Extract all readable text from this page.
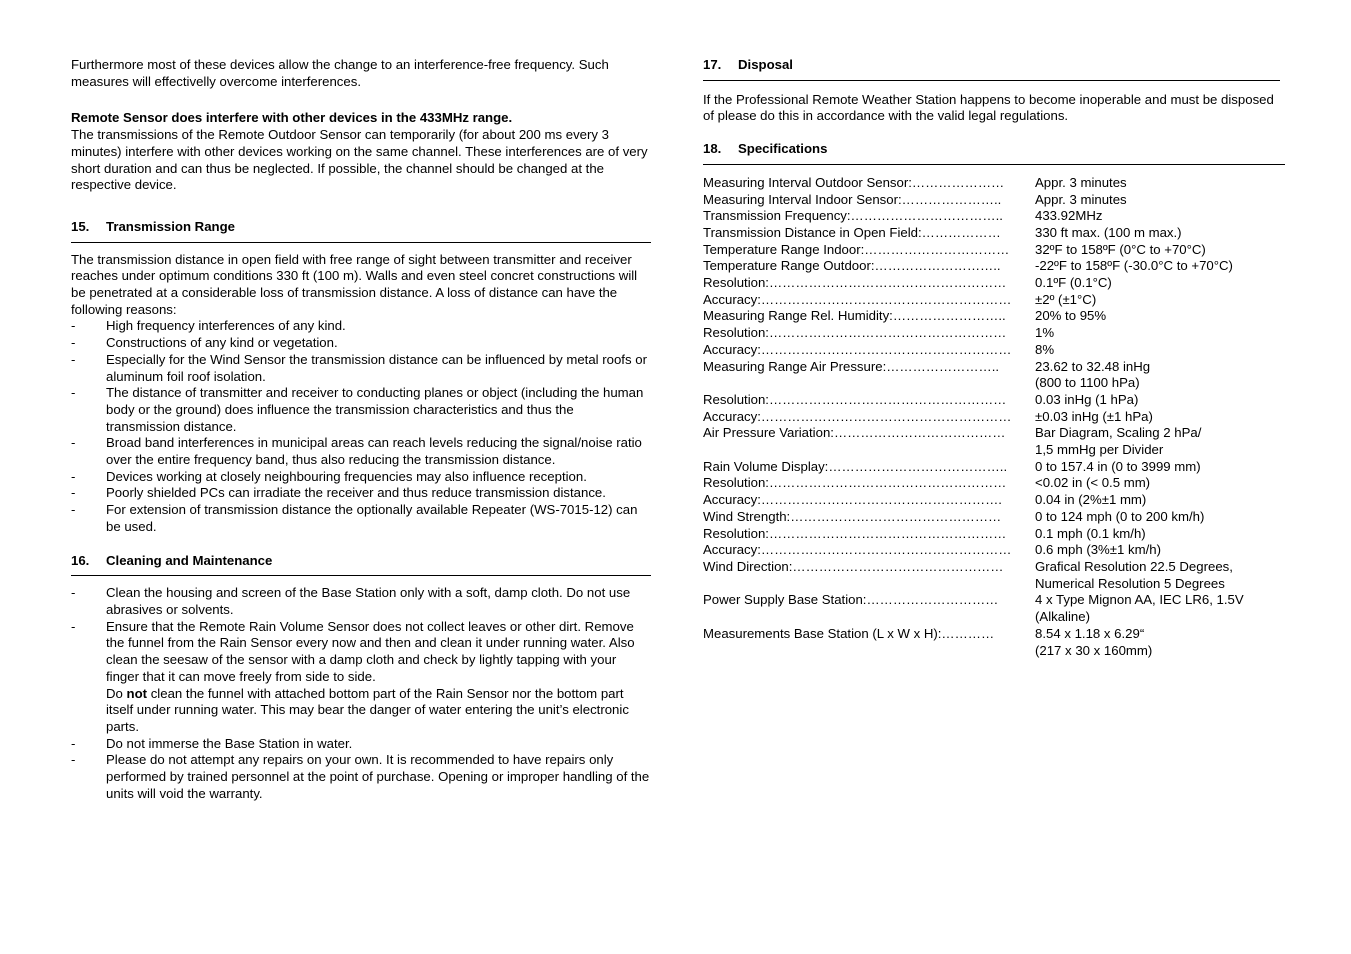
Furthermore most of these devices allow the change to an interference-free frequency. Such measures will effectivelly overcome interferences.

Remote Sensor does interfere with other devices in the 433MHz range.

The transmissions of the Remote Outdoor Sensor can temporarily (for about 200 ms every 3 minutes) interfere with other devices working on the same channel. These interferences are of very short duration and can thus be neglected. If possible, the channel should be changed at the respective device.

15. Transmission Range

The transmission distance in open field with free range of sight between transmitter and receiver reaches under optimum conditions 330 ft (100 m). Walls and even steel concret constructions will be penetrated at a considerable loss of transmission distance. A loss of distance can have the following reasons:

- High frequency interferences of any kind.
- Constructions of any kind or vegetation.
- Especially for the Wind Sensor the transmission distance can be influenced by metal roofs or aluminum foil roof isolation.
- The distance of transmitter and receiver to conducting planes or object (including the human body or the ground) does influence the transmission characteristics and thus the transmission distance.
- Broad band interferences in municipal areas can reach levels reducing the signal/noise ratio over the entire frequency band, thus also reducing the transmission distance.
- Devices working at closely neighbouring frequencies may also influence reception.
- Poorly shielded PCs can irradiate the receiver and thus reduce transmission distance.
- For extension of transmission distance the optionally available Repeater (WS-7015-12) can be used.
16. Cleaning and Maintenance
- Clean the housing and screen of the Base Station only with a soft, damp cloth. Do not use abrasives or solvents.
- Ensure that the Remote Rain Volume Sensor does not collect leaves or other dirt. Remove the funnel from the Rain Sensor every now and then and clean it under running water. Also clean the seesaw of the sensor with a damp cloth and check by lightly tapping with your finger that it can move freely from side to side.
Do not clean the funnel with attached bottom part of the Rain Sensor nor the bottom part itself under running water. This may bear the danger of water entering the unit’s electronic parts.
- Do not immerse the Base Station in water.
- Please do not attempt any repairs on your own. It is recommended to have repairs only performed by trained personnel at the point of purchase. Opening or improper handling of the units will void the warranty.
17. Disposal

If the Professional Remote Weather Station happens to become inoperable and must be disposed of please do this in accordance with the valid legal regulations.

18. Specifications
Measuring Interval Outdoor Sensor:…………………	Appr. 3 minutes
Measuring Interval Indoor Sensor:…………………..	Appr. 3 minutes
Transmission Frequency:……………………………..	433.92MHz
Transmission Distance in Open Field:………………	330 ft max. (100 m max.)
Temperature Range Indoor:……………………………	32ºF to 158ºF (0°C to +70°C)
Temperature Range Outdoor:………………………..	-22ºF to 158ºF (-30.0°C to +70°C)
Resolution:………………………………………………	0.1ºF (0.1°C)
Accuracy:…………………………………………………	±2º (±1°C)
Measuring Range Rel. Humidity:……………………..	20% to 95%
Resolution:………………………………………………	1%
Accuracy:…………………………………………………	8%
Measuring Range Air Pressure:……………………..	23.62 to 32.48 inHg
(800 to 1100 hPa)
Resolution:………………………………………………	0.03 inHg (1 hPa)
Accuracy:…………………………………………………	±0.03 inHg (±1 hPa)
Air Pressure Variation:…………………………………	Bar Diagram, Scaling 2 hPa/
1,5 mmHg per Divider
Rain Volume Display:…………………………………..	0 to 157.4 in (0 to 3999 mm)
Resolution:………………………………………………	<0.02 in (< 0.5 mm)
Accuracy:……………………………………………….	0.04 in (2%±1 mm)
Wind Strength:…………………………………………	0 to 124 mph (0 to 200 km/h)
Resolution:………………………………………………	0.1 mph (0.1 km/h)
Accuracy:…………………………………………………	0.6 mph (3%±1 km/h)
Wind Direction:…………………………………………	Grafical Resolution 22.5 Degrees,
Numerical Resolution 5 Degrees
Power Supply Base Station:…………………………	4 x Type Mignon AA, IEC LR6, 1.5V
(Alkaline)
Measurements Base Station (L x W x H):…………	8.54 x 1.18 x 6.29“
(217 x 30 x 160mm)
